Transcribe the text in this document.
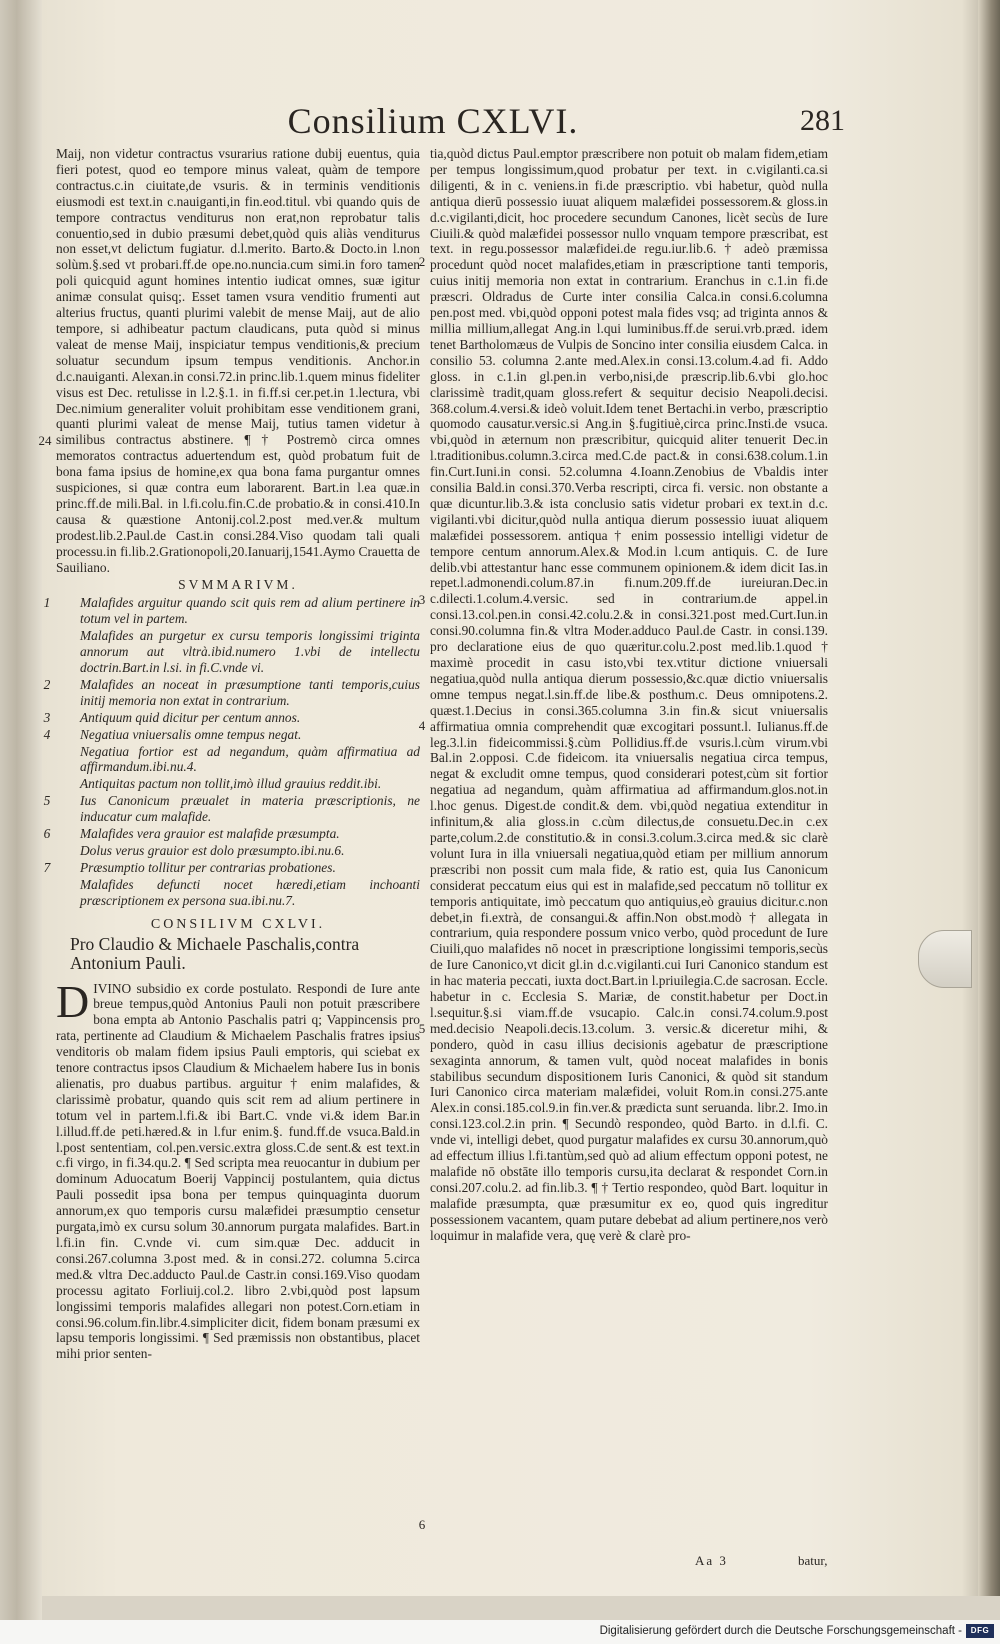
Consilium CXLVI.	281

Maij, non videtur contractus vsurarius ratione dubij euentus, quia fieri potest, quod eo tempore minus valeat, quàm de tempore contractus.c.in ciuitate,de vsuris. & in terminis venditionis eiusmodi est text.in c.nauiganti,in fin.eod.titul. vbi quando quis de tempore contractus venditurus non erat,non reprobatur talis conuentio,sed in dubio præsumi debet,quòd quis aliàs venditurus non esset,vt delictum fugiatur. d.l.merito. Barto.& Docto.in l.non solùm.§.sed vt probari.ff.de ope.no.nuncia.cum simi.in foro tamen poli quicquid agunt homines intentio iudicat omnes, suæ igitur animæ consulat quisq;. Esset tamen vsura venditio frumenti aut alterius fructus, quanti plurimi valebit de mense Maij, aut de alio tempore, si adhibeatur pactum claudicans, puta quòd si minus valeat de mense Maij, inspiciatur tempus venditionis,& precium soluatur secundum ipsum tempus venditionis. Anchor.in d.c.nauiganti. Alexan.in consi.72.in princ.lib.1.quem minus fideliter visus est Dec. retulisse in l.2.§.1. in fi.ff.si cer.pet.in 1.lectura, vbi Dec.nimium generaliter voluit prohibitam esse venditionem grani, quanti plurimi valeat de mense Maij, tutius tamen videtur à similibus contractus abstinere. ¶ † Postremò circa omnes memoratos contractus aduertendum est, quòd probatum fuit de bona fama ipsius de homine,ex qua bona fama purgantur omnes suspiciones, si quæ contra eum laborarent. Bart.in l.ea quæ.in princ.ff.de mili.Bal. in l.fi.colu.fin.C.de probatio.& in consi.410.In causa & quæstione Antonij.col.2.post med.ver.& multum prodest.lib.2.Paul.de Cast.in consi.284.Viso quodam tali quali processu.in fi.lib.2.Grationopoli,20.Ianuarij,1541.Aymo Crauetta de Sauiliano.

SVMMARIVM.

1 Malafides arguitur quando scit quis rem ad alium pertinere in totum vel in partem.
Malafides an purgetur ex cursu temporis longissimi triginta annorum aut vltrà.ibid.numero 1.vbi de intellectu doctrin.Bart.in l.si. in fi.C.vnde vi.
2 Malafides an noceat in præsumptione tanti temporis,cuius initij memoria non extat in contrarium.
3 Antiquum quid dicitur per centum annos.
4 Negatiua vniuersalis omne tempus negat.
Negatiua fortior est ad negandum, quàm affirmatiua ad affirmandum.ibi.nu.4.
Antiquitas pactum non tollit,imò illud grauius reddit.ibi.
5 Ius Canonicum præualet in materia præscriptionis, ne inducatur cum malafide.
6 Malafides vera grauior est malafide præsumpta.
Dolus verus grauior est dolo præsumpto.ibi.nu.6.
7 Præsumptio tollitur per contrarias probationes.
Malafides defuncti nocet hæredi,etiam inchoanti præscriptionem ex persona sua.ibi.nu.7.

CONSILIVM CXLVI.

Pro Claudio & Michaele Paschalis,contra Antonium Pauli.

DIVINO subsidio ex corde postulato. Respondi de Iure ante breue tempus,quòd Antonius Pauli non potuit præscribere bona empta ab Antonio Paschalis patri q; Vappincensis pro rata, pertinente ad Claudium & Michaelem Paschalis fratres ipsius venditoris ob malam fidem ipsius Pauli emptoris, qui sciebat ex tenore contractus ipsos Claudium & Michaelem habere Ius in bonis alienatis, pro duabus partibus. arguitur † enim malafides, & clarissimè probatur, quando quis scit rem ad alium pertinere in totum vel in partem.l.fi.& ibi Bart.C. vnde vi.& idem Bar.in l.illud.ff.de peti.hæred.& in l.fur enim.§. fund.ff.de vsuca.Bald.in l.post sententiam, col.pen.versic.extra gloss.C.de sent.& est text.in c.fi virgo, in fi.34.qu.2. ¶ Sed scripta mea reuocantur in dubium per dominum Aduocatum Boerij Vappincij postulantem, quia dictus Pauli possedit ipsa bona per tempus quinquaginta duorum annorum,ex quo temporis cursu malæfidei præsumptio censetur purgata,imò ex cursu solum 30.annorum purgata malafides. Bart.in l.fi.in fin. C.vnde vi. cum sim.quæ Dec. adducit in consi.267.columna 3.post med. & in consi.272. columna 5.circa med.& vltra Dec.adducto Paul.de Castr.in consi.169.Viso quodam processu agitato Forliuij.col.2. libro 2.vbi,quòd post lapsum longissimi temporis malafides allegari non potest.Corn.etiam in consi.96.colum.fin.libr.4.simpliciter dicit, fidem bonam præsumi ex lapsu temporis longissimi. ¶ Sed præmissis non obstantibus, placet mihi prior senten-

24

tia,quòd dictus Paul.emptor præscribere non potuit ob malam fidem,etiam per tempus longissimum,quod probatur per text. in c.vigilanti.ca.si diligenti, & in c. veniens.in fi.de præscriptio. vbi habetur, quòd nulla antiqua dierū possessio iuuat aliquem malæfidei possessorem.& gloss.in d.c.vigilanti,dicit, hoc procedere secundum Canones, licèt secùs de Iure Ciuili.& quòd malæfidei possessor nullo vnquam tempore præscribat, est text. in regu.possessor malæfidei.de regu.iur.lib.6. † adeò præmissa procedunt quòd nocet malafides,etiam in præscriptione tanti temporis, cuius initij memoria non extat in contrarium. Eranchus in c.1.in fi.de præscri. Oldradus de Curte inter consilia Calca.in consi.6.columna pen.post med. vbi,quòd opponi potest mala fides vsq; ad triginta annos & millia millium,allegat Ang.in l.qui luminibus.ff.de serui.vrb.præd. idem tenet Bartholomæus de Vulpis de Soncino inter consilia eiusdem Calca. in consilio 53. columna 2.ante med.Alex.in consi.13.colum.4.ad fi. Addo gloss. in c.1.in gl.pen.in verbo,nisi,de præscrip.lib.6.vbi glo.hoc clarissimè tradit,quam gloss.refert & sequitur decisio Neapoli.decisi. 368.colum.4.versi.& ideò voluit.Idem tenet Bertachi.in verbo, præscriptio quomodo causatur.versic.si Ang.in §.fugitiuè,circa princ.Insti.de vsuca. vbi,quòd in æternum non præscribitur, quicquid aliter tenuerit Dec.in l.traditionibus.column.3.circa med.C.de pact.& in consi.638.colum.1.in fin.Curt.Iuni.in consi. 52.columna 4.Ioann.Zenobius de Vbaldis inter consilia Bald.in consi.370.Verba rescripti, circa fi. versic. non obstante a quæ dicuntur.lib.3.& ista conclusio satis videtur probari ex text.in d.c. vigilanti.vbi dicitur,quòd nulla antiqua dierum possessio iuuat aliquem malæfidei possessorem. antiqua † enim possessio intelligi videtur de tempore centum annorum.Alex.& Mod.in l.cum antiquis. C. de Iure delib.vbi attestantur hanc esse communem opinionem.& idem dicit Ias.in repet.l.admonendi.colum.87.in fi.num.209.ff.de iureiuran.Dec.in c.dilecti.1.colum.4.versic. sed in contrarium.de appel.in consi.13.col.pen.in consi.42.colu.2.& in consi.321.post med.Curt.Iun.in consi.90.columna fin.& vltra Moder.adduco Paul.de Castr. in consi.139. pro declaratione eius de quo quæritur.colu.2.post med.lib.1.quod † maximè procedit in casu isto,vbi tex.vtitur dictione vniuersali negatiua,quòd nulla antiqua dierum possessio,&c.quæ dictio vniuersalis omne tempus negat.l.sin.ff.de libe.& posthum.c. Deus omnipotens.2. quæst.1.Decius in consi.365.columna 3.in fin.& sicut vniuersalis affirmatiua omnia comprehendit quæ excogitari possunt.l. Iulianus.ff.de leg.3.l.in fideicommissi.§.cùm Pollidius.ff.de vsuris.l.cùm virum.vbi Bal.in 2.opposi. C.de fideicom. ita vniuersalis negatiua circa tempus, negat & excludit omne tempus, quod considerari potest,cùm sit fortior negatiua ad negandum, quàm affirmatiua ad affirmandum.glos.not.in l.hoc genus. Digest.de condit.& dem. vbi,quòd negatiua extenditur in infinitum,& alia gloss.in c.cùm dilectus,de consuetu.Dec.in c.ex parte,colum.2.de constitutio.& in consi.3.colum.3.circa med.& sic clarè volunt Iura in illa vniuersali negatiua,quòd etiam per millium annorum præscribi non possit cum mala fide, & ratio est, quia Ius Canonicum considerat peccatum eius qui est in malafide,sed peccatum nō tollitur ex temporis antiquitate, imò peccatum quo antiquius,eò grauius dicitur.c.non debet,in fi.extrà, de consangui.& affin.Non obst.modò † allegata in contrarium, quia respondere possum vnico verbo, quòd procedunt de Iure Ciuili,quo malafides nō nocet in præscriptione longissimi temporis,secùs de Iure Canonico,vt dicit gl.in d.c.vigilanti.cui Iuri Canonico standum est in hac materia peccati, iuxta doct.Bart.in l.priuilegia.C.de sacrosan. Eccle. habetur in c. Ecclesia S. Mariæ, de constit.habetur per Doct.in l.sequitur.§.si viam.ff.de vsucapio. Calc.in consi.74.colum.9.post med.decisio Neapoli.decis.13.colum. 3. versic.& diceretur mihi, & pondero, quòd in casu illius decisionis agebatur de præscriptione sexaginta annorum, & tamen vult, quòd noceat malafides in bonis stabilibus secundum dispositionem Iuris Canonici, & quòd sit standum Iuri Canonico circa materiam malæfidei, voluit Rom.in consi.275.ante Alex.in consi.185.col.9.in fin.ver.& prædicta sunt seruanda. libr.2. Imo.in consi.123.col.2.in prin. ¶ Secundò respondeo, quòd Barto. in d.l.fi. C. vnde vi, intelligi debet, quod purgatur malafides ex cursu 30.annorum,quò ad effectum illius l.fi.tantùm,sed quò ad alium effectum opponi potest, ne malafide nō obstāte illo temporis cursu,ita declarat & respondet Corn.in consi.207.colu.2. ad fin.lib.3. ¶ † Tertio respondeo, quòd Bart. loquitur in malafide præsumpta, quæ præsumitur ex eo, quod quis ingreditur possessionem vacantem, quam putare debebat ad alium pertinere,nos verò loquimur in malafide vera, quę verè & clarè pro-

2
3
4
5
6
Aa 3	batur,
Digitalisierung gefördert durch die Deutsche Forschungsgemeinschaft -	DFG
